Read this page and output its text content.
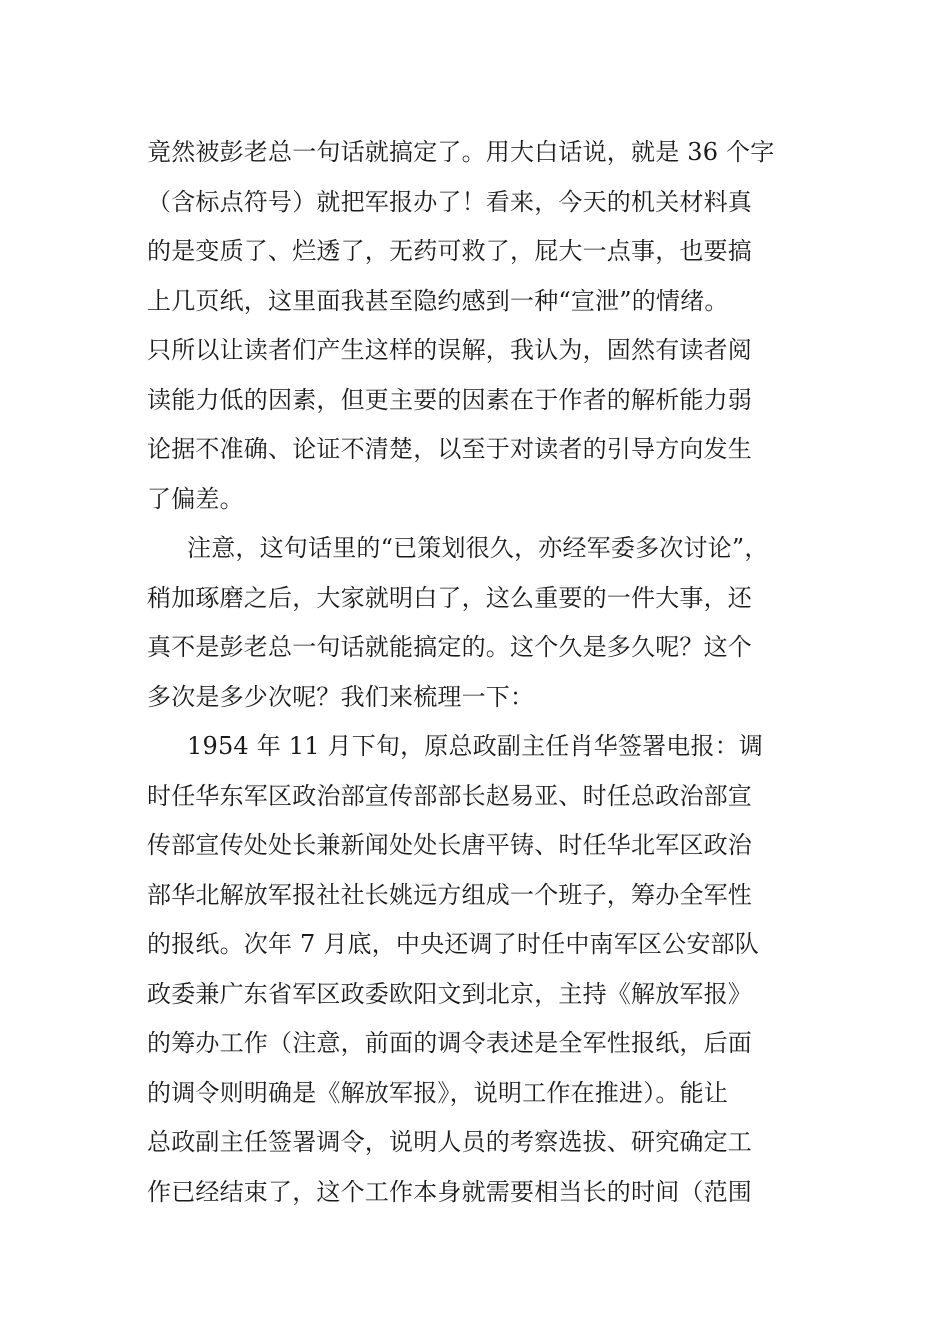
竟然被彭老总一句话就搞定了。用大白话说，就是 36 个字
（含标点符号）就把军报办了！看来，今天的机关材料真
的是变质了、烂透了，无药可救了，屁大一点事，也要搞
上几页纸，这里面我甚至隐约感到一种“宣泄”的情绪。
只所以让读者们产生这样的误解，我认为，固然有读者阅
读能力低的因素，但更主要的因素在于作者的解析能力弱
论据不准确、论证不清楚，以至于对读者的引导方向发生
了偏差。
注意，这句话里的“已策划很久，亦经军委多次讨论”，
稍加琢磨之后，大家就明白了，这么重要的一件大事，还
真不是彭老总一句话就能搞定的。这个久是多久呢？这个
多次是多少次呢？我们来梳理一下：
1954 年 11 月下旬，原总政副主任肖华签署电报：调
时任华东军区政治部宣传部部长赵易亚、时任总政治部宣
传部宣传处处长兼新闻处处长唐平铸、时任华北军区政治
部华北解放军报社社长姚远方组成一个班子，筹办全军性
的报纸。次年 7 月底，中央还调了时任中南军区公安部队
政委兼广东省军区政委欧阳文到北京，主持《解放军报》
的筹办工作（注意，前面的调令表述是全军性报纸，后面
的调令则明确是《解放军报》，说明工作在推进）。能让
总政副主任签署调令，说明人员的考察选拔、研究确定工
作已经结束了，这个工作本身就需要相当长的时间（范围
